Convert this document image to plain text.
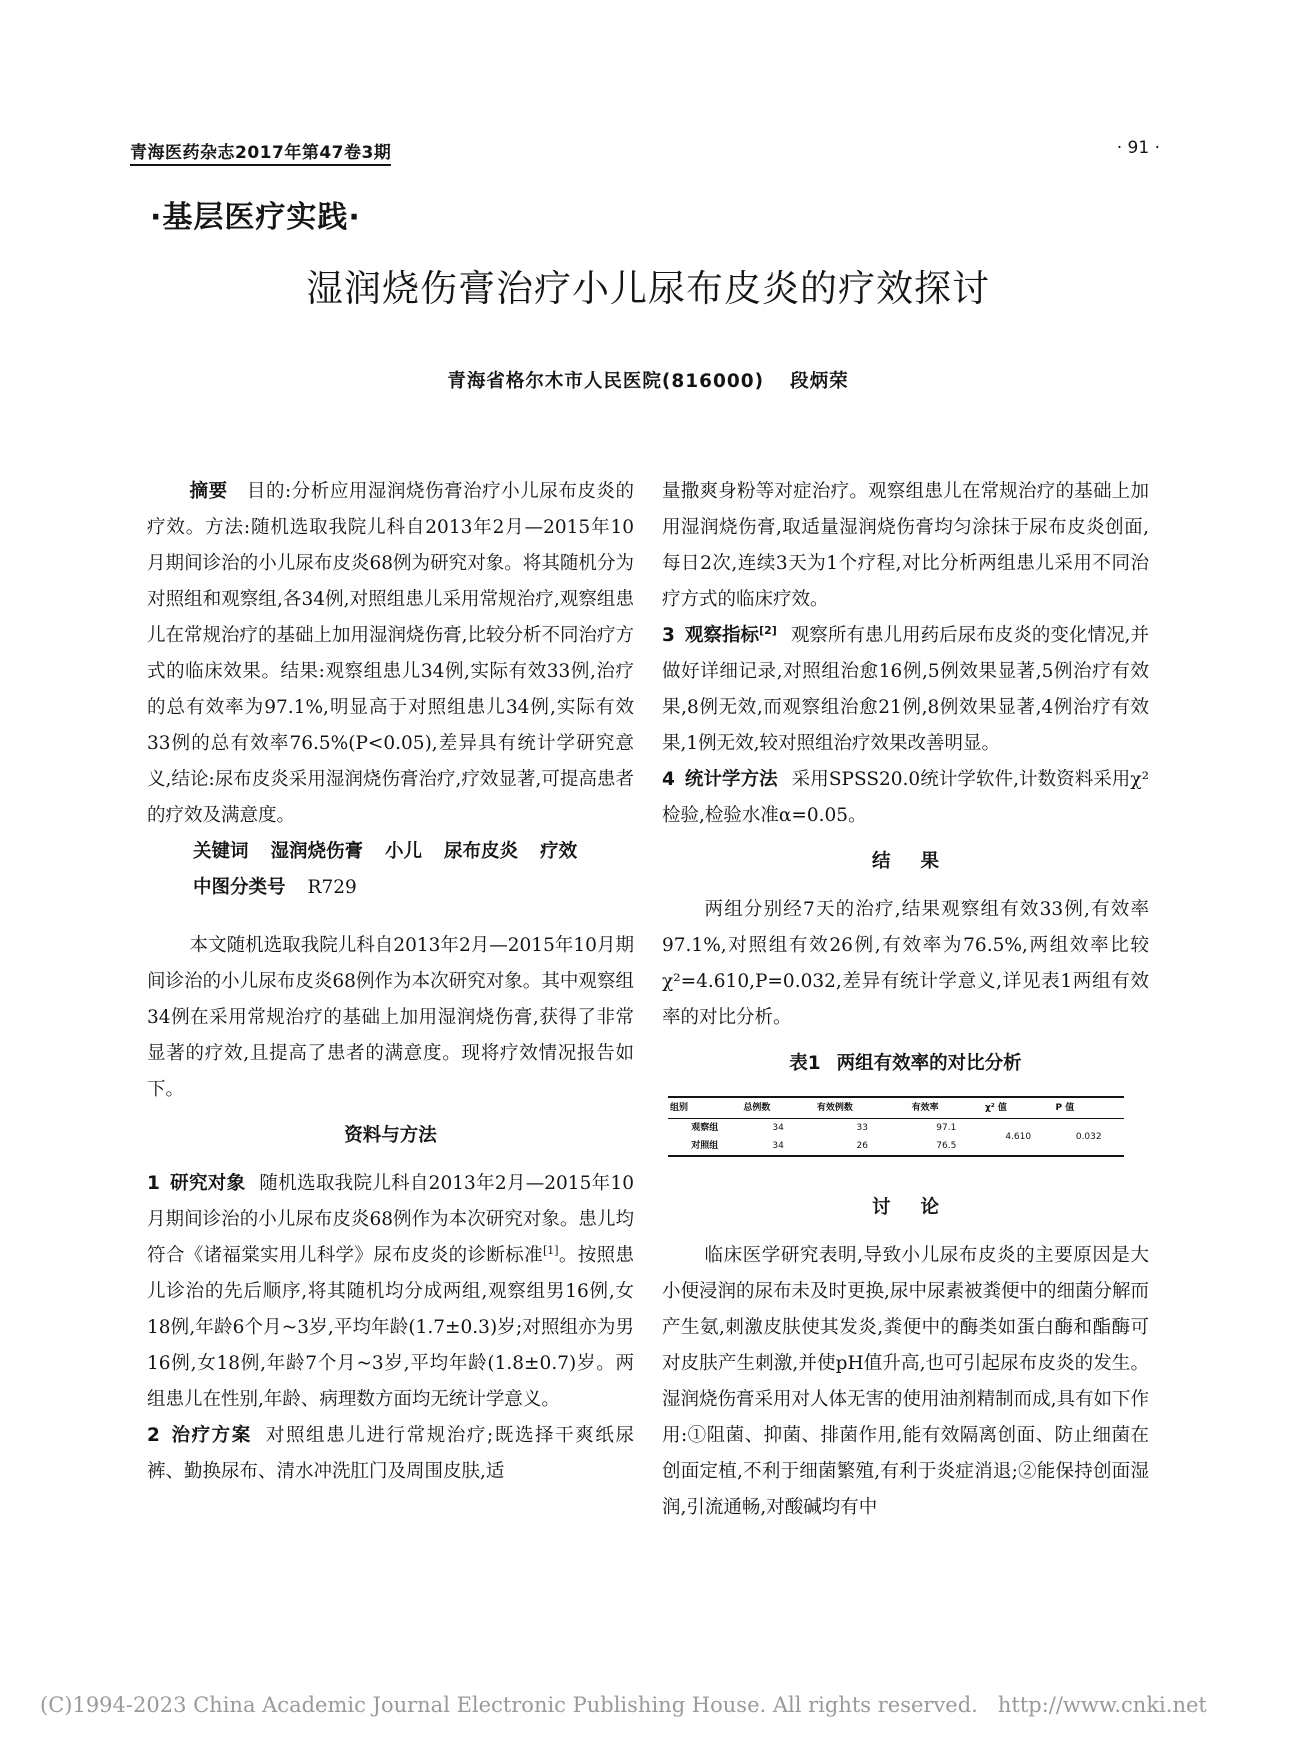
青海医药杂志2017年第47卷3期	· 91 ·
·基层医疗实践·
湿润烧伤膏治疗小儿尿布皮炎的疗效探讨
青海省格尔木市人民医院(816000) 段炳荣

摘要 目的:分析应用湿润烧伤膏治疗小儿尿布皮炎的疗效。方法:随机选取我院儿科自2013年2月—2015年10月期间诊治的小儿尿布皮炎68例为研究对象。将其随机分为对照组和观察组,各34例,对照组患儿采用常规治疗,观察组患儿在常规治疗的基础上加用湿润烧伤膏,比较分析不同治疗方式的临床效果。结果:观察组患儿34例,实际有效33例,治疗的总有效率为97.1%,明显高于对照组患儿34例,实际有效33例的总有效率76.5%(P<0.05),差异具有统计学研究意义,结论:尿布皮炎采用湿润烧伤膏治疗,疗效显著,可提高患者的疗效及满意度。

关键词 湿润烧伤膏 小儿 尿布皮炎 疗效

中图分类号 R729

本文随机选取我院儿科自2013年2月—2015年10月期间诊治的小儿尿布皮炎68例作为本次研究对象。其中观察组34例在采用常规治疗的基础上加用湿润烧伤膏,获得了非常显著的疗效,且提高了患者的满意度。现将疗效情况报告如下。

资料与方法

1 研究对象 随机选取我院儿科自2013年2月—2015年10月期间诊治的小儿尿布皮炎68例作为本次研究对象。患儿均符合《诸福棠实用儿科学》尿布皮炎的诊断标准[1]。按照患儿诊治的先后顺序,将其随机均分成两组,观察组男16例,女18例,年龄6个月~3岁,平均年龄(1.7±0.3)岁;对照组亦为男16例,女18例,年龄7个月~3岁,平均年龄(1.8±0.7)岁。两组患儿在性别,年龄、病理数方面均无统计学意义。

2 治疗方案 对照组患儿进行常规治疗;既选择干爽纸尿裤、勤换尿布、清水冲洗肛门及周围皮肤,适

量撒爽身粉等对症治疗。观察组患儿在常规治疗的基础上加用湿润烧伤膏,取适量湿润烧伤膏均匀涂抹于尿布皮炎创面,每日2次,连续3天为1个疗程,对比分析两组患儿采用不同治疗方式的临床疗效。

3 观察指标[2] 观察所有患儿用药后尿布皮炎的变化情况,并做好详细记录,对照组治愈16例,5例效果显著,5例治疗有效果,8例无效,而观察组治愈21例,8例效果显著,4例治疗有效果,1例无效,较对照组治疗效果改善明显。

4 统计学方法 采用SPSS20.0统计学软件,计数资料采用χ²检验,检验水准α=0.05。

结果

两组分别经7天的治疗,结果观察组有效33例,有效率97.1%,对照组有效26例,有效率为76.5%,两组效率比较χ²=4.610,P=0.032,差异有统计学意义,详见表1两组有效率的对比分析。

表1 两组有效率的对比分析
组别	总例数	有效例数	有效率	χ² 值	P 值
观察组	34	33	97.1	4.610	0.032
对照组	34	26	76.5		
讨论

临床医学研究表明,导致小儿尿布皮炎的主要原因是大小便浸润的尿布未及时更换,尿中尿素被粪便中的细菌分解而产生氨,刺激皮肤使其发炎,粪便中的酶类如蛋白酶和酯酶可对皮肤产生刺激,并使pH值升高,也可引起尿布皮炎的发生。湿润烧伤膏采用对人体无害的使用油剂精制而成,具有如下作用:①阻菌、抑菌、排菌作用,能有效隔离创面、防止细菌在创面定植,不利于细菌繁殖,有利于炎症消退;②能保持创面湿润,引流通畅,对酸碱均有中

(C)1994-2023 China Academic Journal Electronic Publishing House. All rights reserved. http://www.cnki.net
